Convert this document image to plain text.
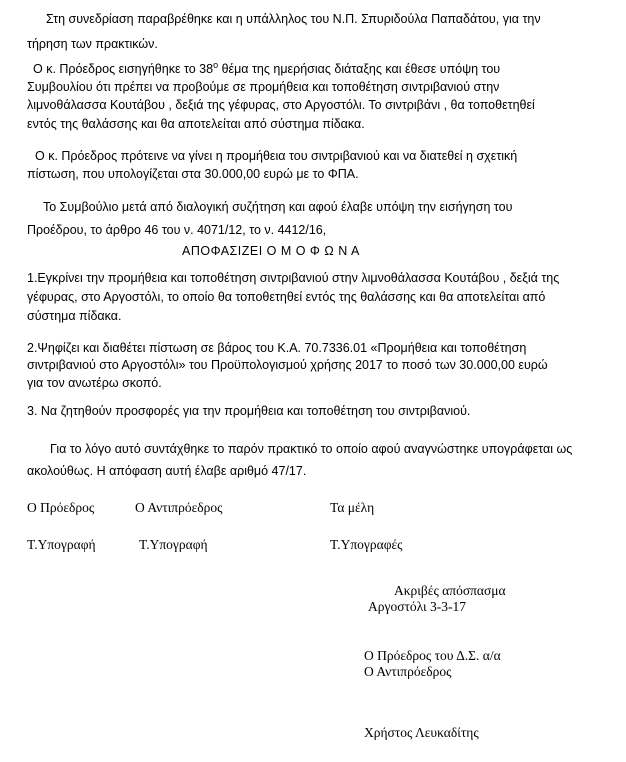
Στη συνεδρίαση παραβρέθηκε και η υπάλληλος του Ν.Π. Σπυριδούλα Παπαδάτου, για την
τήρηση των πρακτικών.
Ο κ. Πρόεδρος εισηγήθηκε το $38^o$ θέμα της ημερήσιας διάταξης και έθεσε υπόψη του
Συμβουλίου ότι πρέπει να προβούμε σε προμήθεια και τοποθέτηση σιντριβανιού στην
λιμνοθάλασσα Κουτάβου , δεξιά της γέφυρας, στο Αργοστόλι. Το σιντριβάνι , θα τοποθετηθεί
εντός της θαλάσσης και θα αποτελείται από σύστημα πίδακα.
Ο κ. Πρόεδρος πρότεινε να γίνει η προμήθεια του σιντριβανιού και να διατεθεί η σχετική
πίστωση, που υπολογίζεται στα 30.000,00 ευρώ με το ΦΠΑ.
Το Συμβούλιο μετά από διαλογική συζήτηση και αφού έλαβε υπόψη την εισήγηση του
Προέδρου, το άρθρο 46 του ν. 4071/12, το ν. 4412/16,
ΑΠΟΦΑΣΙΖΕΙ Ο Μ Ο Φ Ω Ν Α
1.Εγκρίνει την προμήθεια και τοποθέτηση σιντριβανιού στην λιμνοθάλασσα Κουτάβου , δεξιά της
γέφυρας, στο Αργοστόλι, το οποίο θα τοποθετηθεί εντός της θαλάσσης και θα αποτελείται από
σύστημα πίδακα.
2.Ψηφίζει και διαθέτει πίστωση σε βάρος του Κ.Α. 70.7336.01 «Προμήθεια και τοποθέτηση
σιντριβανιού στο Αργοστόλι» του Προϋπολογισμού χρήσης 2017 το ποσό των 30.000,00 ευρώ
για τον ανωτέρω σκοπό.
3. Να ζητηθούν προσφορές για την προμήθεια και τοποθέτηση του σιντριβανιού.
Για το λόγο αυτό συντάχθηκε το παρόν πρακτικό το οποίο αφού αναγνώστηκε υπογράφεται ως
ακολούθως. Η απόφαση αυτή έλαβε αριθμό 47/17.
Ο Πρόεδρος	Ο Αντιπρόεδρος	Τα μέλη
Τ.Υπογραφή	Τ.Υπογραφή	Τ.Υπογραφές
Ακριβές απόσπασμα
Αργοστόλι 3-3-17
Ο Πρόεδρος του Δ.Σ. α/α
Ο Αντιπρόεδρος
Χρήστος Λευκαδίτης
